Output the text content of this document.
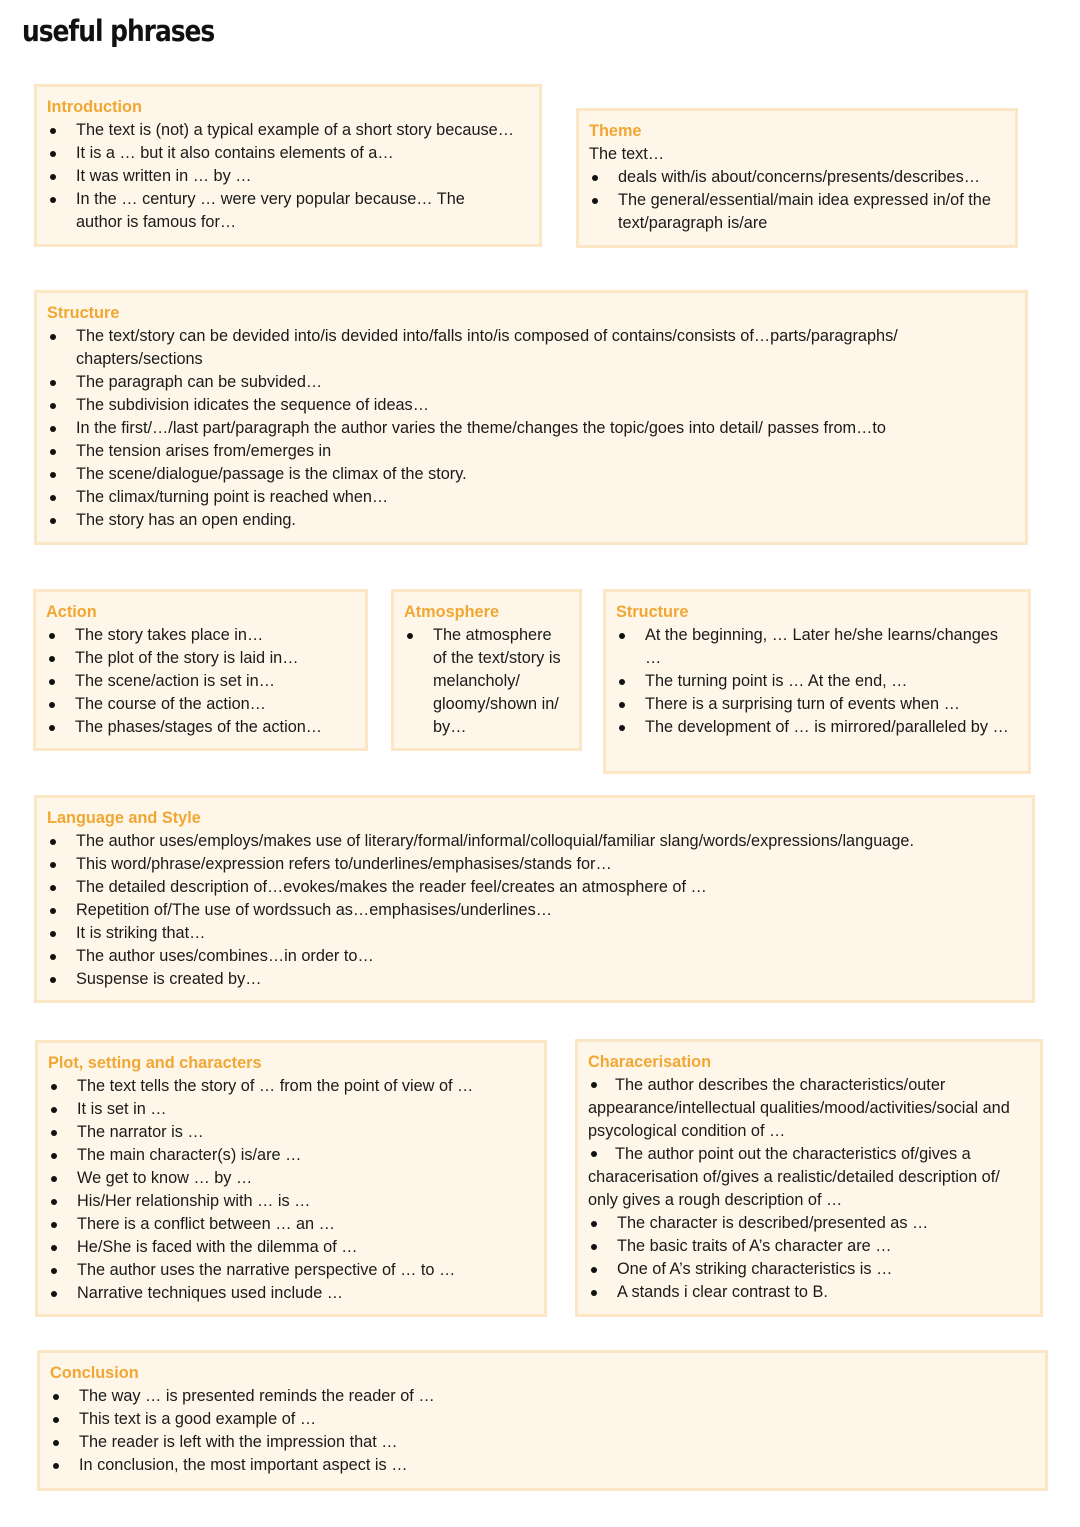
useful phrases
Introduction
The text is (not) a typical example of a short story because…
It is a … but it also contains elements of a…
It was written in … by …
In the … century … were very popular because… The author is famous for…
Theme

The text…

deals with/is about/concerns/presents/describes…
The general/essential/main idea expressed in/of the text/paragraph is/are
Structure
The text/story can be devided into/is devided into/falls into/is composed of contains/consists of…parts/paragraphs/ chapters/sections
The paragraph can be subvided…
The subdivision idicates the sequence of ideas…
In the first/…/last part/paragraph the author varies the theme/changes the topic/goes into detail/ passes from…to
The tension arises from/emerges in
The scene/dialogue/passage is the climax of the story.
The climax/turning point is reached when…
The story has an open ending.
Action
The story takes place in…
The plot of the story is laid in…
The scene/action is set in…
The course of the action…
The phases/stages of the action…
Atmosphere
The atmosphere of the text/story is melancholy/ gloomy/shown in/ by…
Structure
At the beginning, … Later he/she learns/changes …
The turning point is … At the end, …
There is a surprising turn of events when …
The development of … is mirrored/paralleled by …
Language and Style
The author uses/employs/makes use of literary/formal/informal/colloquial/familiar slang/words/expressions/language.
This word/phrase/expression refers to/underlines/emphasises/stands for…
The detailed description of…evokes/makes the reader feel/creates an atmosphere of …
Repetition of/The use of wordssuch as…emphasises/underlines…
It is striking that…
The author uses/combines…in order to…
Suspense is created by…
Plot, setting and characters
The text tells the story of … from the point of view of …
It is set in …
The narrator is …
The main character(s) is/are …
We get to know … by …
His/Her relationship with … is …
There is a conflict between … an …
He/She is faced with the dilemma of …
The author uses the narrative perspective of … to …
Narrative techniques used include …
Characerisation
The author describes the characteristics/outer appearance/intellectual qualities/mood/activities/social and psycological condition of …
The author point out the characteristics of/gives a characerisation of/gives a realistic/detailed description of/ only gives a rough description of …
The character is described/presented as …
The basic traits of A’s character are …
One of A’s striking characteristics is …
A stands i clear contrast to B.
Conclusion
The way … is presented reminds the reader of …
This text is a good example of …
The reader is left with the impression that …
In conclusion, the most important aspect is …
